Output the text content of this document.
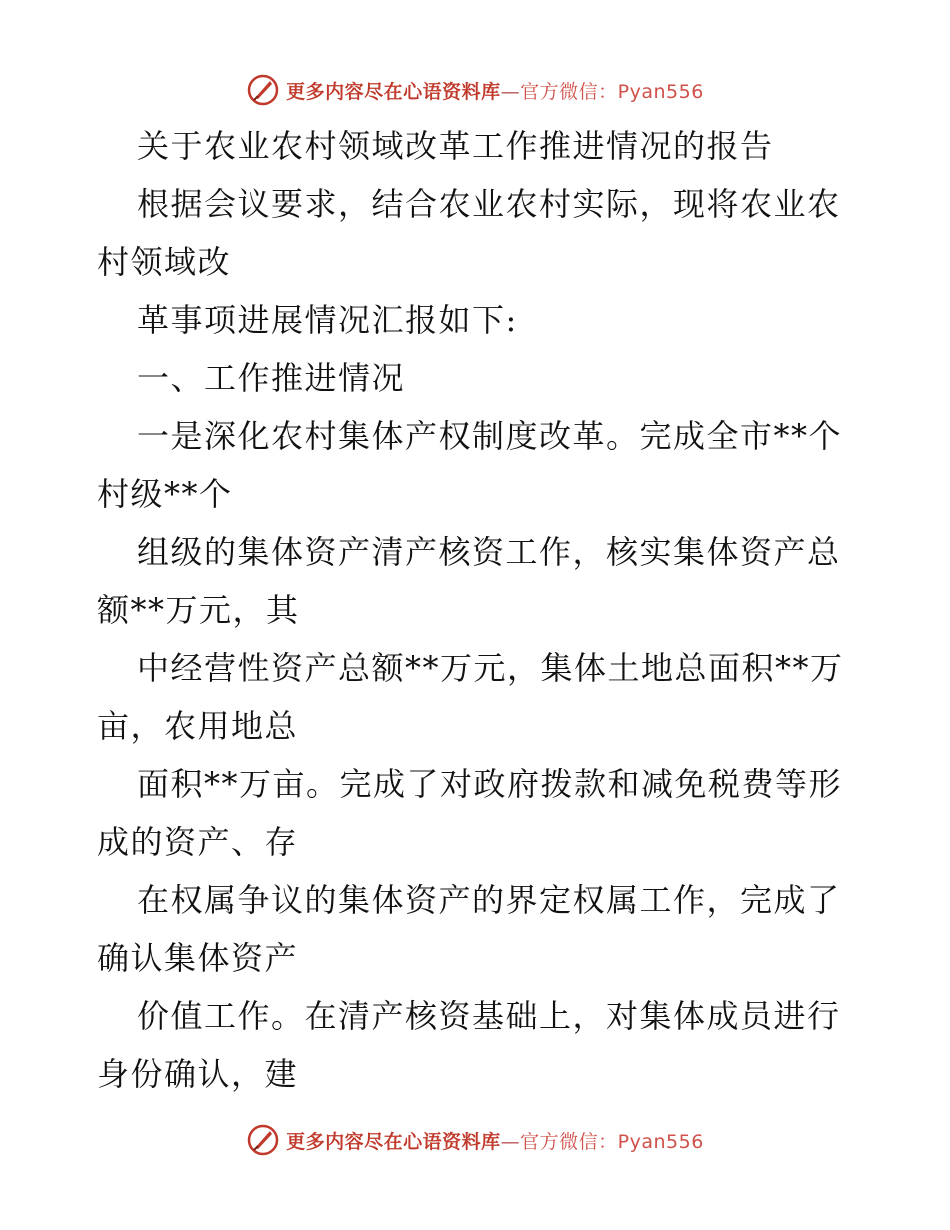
更多内容尽在心语资料库—官方微信：Pyan556
关于农业农村领域改革工作推进情况的报告
根据会议要求，结合农业农村实际，现将农业农
村领域改
革事项进展情况汇报如下:
一、工作推进情况
一是深化农村集体产权制度改革。完成全市**个
村级**个
组级的集体资产清产核资工作，核实集体资产总
额**万元，其
中经营性资产总额**万元，集体土地总面积**万
亩，农用地总
面积**万亩。完成了对政府拨款和减免税费等形
成的资产、存
在权属争议的集体资产的界定权属工作，完成了
确认集体资产
价值工作。在清产核资基础上，对集体成员进行
身份确认，建
更多内容尽在心语资料库—官方微信：Pyan556
